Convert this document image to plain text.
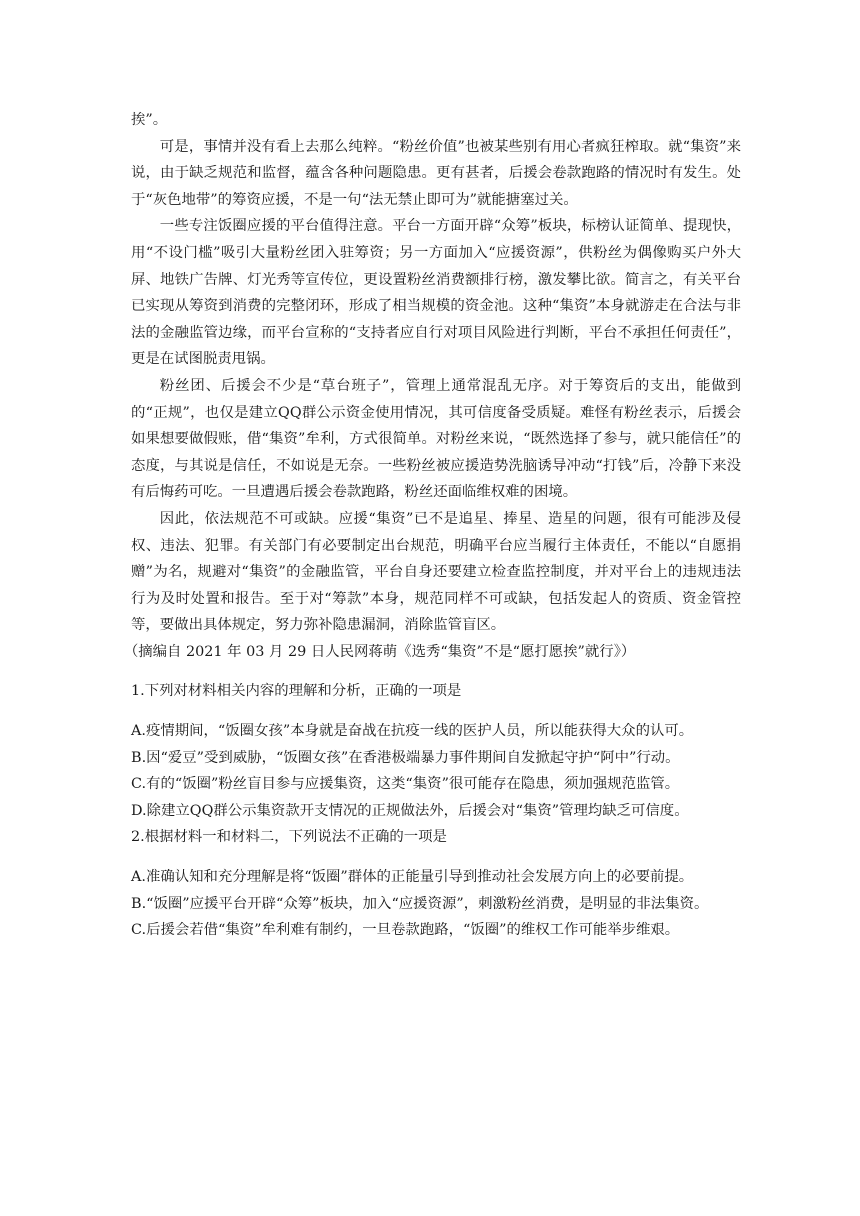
挨”。

可是，事情并没有看上去那么纯粹。“粉丝价值”也被某些别有用心者疯狂榨取。就“集资”来说，由于缺乏规范和监督，蕴含各种问题隐患。更有甚者，后援会卷款跑路的情况时有发生。处于“灰色地带”的筹资应援，不是一句“法无禁止即可为”就能搪塞过关。

一些专注饭圈应援的平台值得注意。平台一方面开辟“众筹”板块，标榜认证简单、提现快，用“不设门槛”吸引大量粉丝团入驻筹资；另一方面加入“应援资源”，供粉丝为偶像购买户外大屏、地铁广告牌、灯光秀等宣传位，更设置粉丝消费额排行榜，激发攀比欲。简言之，有关平台已实现从筹资到消费的完整闭环，形成了相当规模的资金池。这种“集资”本身就游走在合法与非法的金融监管边缘，而平台宣称的“支持者应自行对项目风险进行判断，平台不承担任何责任”，更是在试图脱责甩锅。

粉丝团、后援会不少是“草台班子”，管理上通常混乱无序。对于筹资后的支出，能做到的“正规”，也仅是建立QQ群公示资金使用情况，其可信度备受质疑。难怪有粉丝表示，后援会如果想要做假账，借“集资”牟利，方式很简单。对粉丝来说，“既然选择了参与，就只能信任”的态度，与其说是信任，不如说是无奈。一些粉丝被应援造势洗脑诱导冲动“打钱”后，冷静下来没有后悔药可吃。一旦遭遇后援会卷款跑路，粉丝还面临维权难的困境。

因此，依法规范不可或缺。应援“集资”已不是追星、捧星、造星的问题，很有可能涉及侵权、违法、犯罪。有关部门有必要制定出台规范，明确平台应当履行主体责任，不能以“自愿捐赠”为名，规避对“集资”的金融监管，平台自身还要建立检查监控制度，并对平台上的违规违法行为及时处置和报告。至于对“筹款”本身，规范同样不可或缺，包括发起人的资质、资金管控等，要做出具体规定，努力弥补隐患漏洞，消除监管盲区。

（摘编自 2021 年 03 月 29 日人民网蒋萌《选秀“集资”不是“愿打愿挨”就行》）

1.下列对材料相关内容的理解和分析，正确的一项是

A.疫情期间，“饭圈女孩”本身就是奋战在抗疫一线的医护人员，所以能获得大众的认可。

B.因“爱豆”受到威胁，“饭圈女孩”在香港极端暴力事件期间自发掀起守护“阿中”行动。

C.有的“饭圈”粉丝盲目参与应援集资，这类“集资”很可能存在隐患，须加强规范监管。

D.除建立QQ群公示集资款开支情况的正规做法外，后援会对“集资”管理均缺乏可信度。

2.根据材料一和材料二，下列说法不正确的一项是

A.准确认知和充分理解是将“饭圈”群体的正能量引导到推动社会发展方向上的必要前提。

B.“饭圈”应援平台开辟“众筹”板块，加入“应援资源”，刺激粉丝消费，是明显的非法集资。

C.后援会若借“集资”牟利难有制约，一旦卷款跑路，“饭圈”的维权工作可能举步维艰。
